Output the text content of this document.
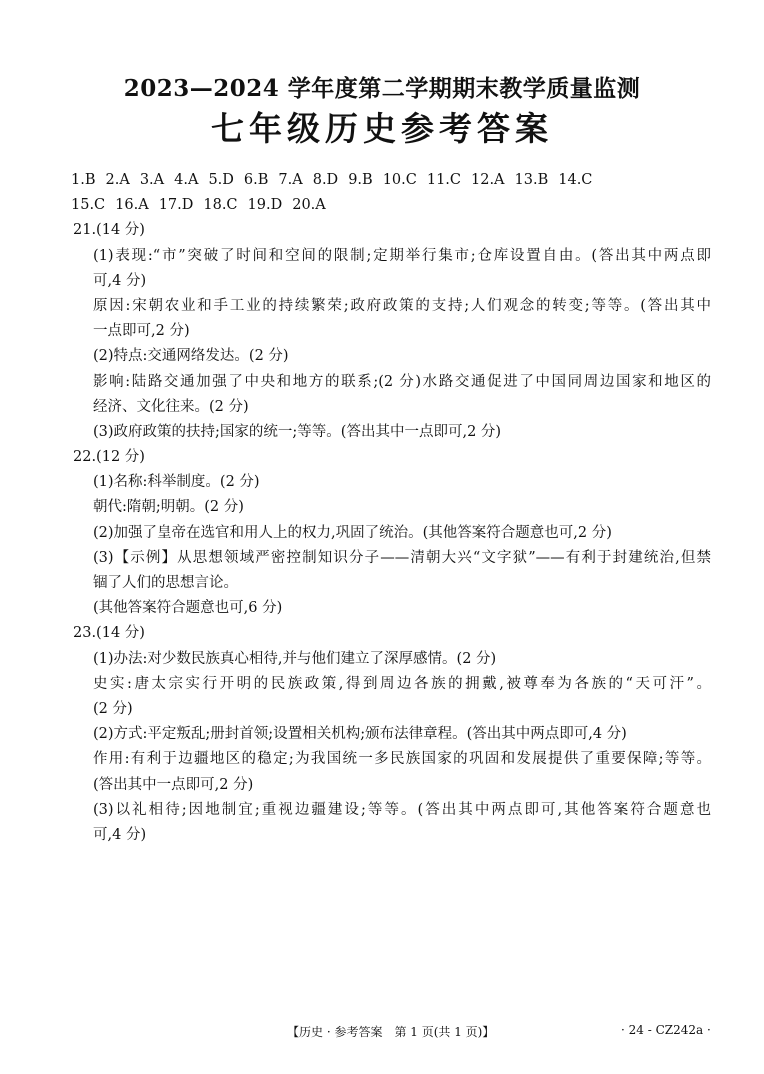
2023—2024 学年度第二学期期末教学质量监测
七年级历史参考答案
1.B 2.A 3.A 4.A 5.D 6.B 7.A 8.D 9.B 10.C 11.C 12.A 13.B 14.C
15.C 16.A 17.D 18.C 19.D 20.A
21.(14 分)
(1)表现:“市”突破了时间和空间的限制;定期举行集市;仓库设置自由。(答出其中两点即
可,4 分)
原因:宋朝农业和手工业的持续繁荣;政府政策的支持;人们观念的转变;等等。(答出其中
一点即可,2 分)
(2)特点:交通网络发达。(2 分)
影响:陆路交通加强了中央和地方的联系;(2 分)水路交通促进了中国同周边国家和地区的
经济、文化往来。(2 分)
(3)政府政策的扶持;国家的统一;等等。(答出其中一点即可,2 分)
22.(12 分)
(1)名称:科举制度。(2 分)
朝代:隋朝;明朝。(2 分)
(2)加强了皇帝在选官和用人上的权力,巩固了统治。(其他答案符合题意也可,2 分)
(3)【示例】从思想领域严密控制知识分子——清朝大兴“文字狱”——有利于封建统治,但禁
锢了人们的思想言论。
(其他答案符合题意也可,6 分)
23.(14 分)
(1)办法:对少数民族真心相待,并与他们建立了深厚感情。(2 分)
史实:唐太宗实行开明的民族政策,得到周边各族的拥戴,被尊奉为各族的“天可汗”。
(2 分)
(2)方式:平定叛乱;册封首领;设置相关机构;颁布法律章程。(答出其中两点即可,4 分)
作用:有利于边疆地区的稳定;为我国统一多民族国家的巩固和发展提供了重要保障;等等。
(答出其中一点即可,2 分)
(3)以礼相待;因地制宜;重视边疆建设;等等。(答出其中两点即可,其他答案符合题意也
可,4 分)
【历史 · 参考答案　第 1 页(共 1 页)】	· 24 - CZ242a ·
